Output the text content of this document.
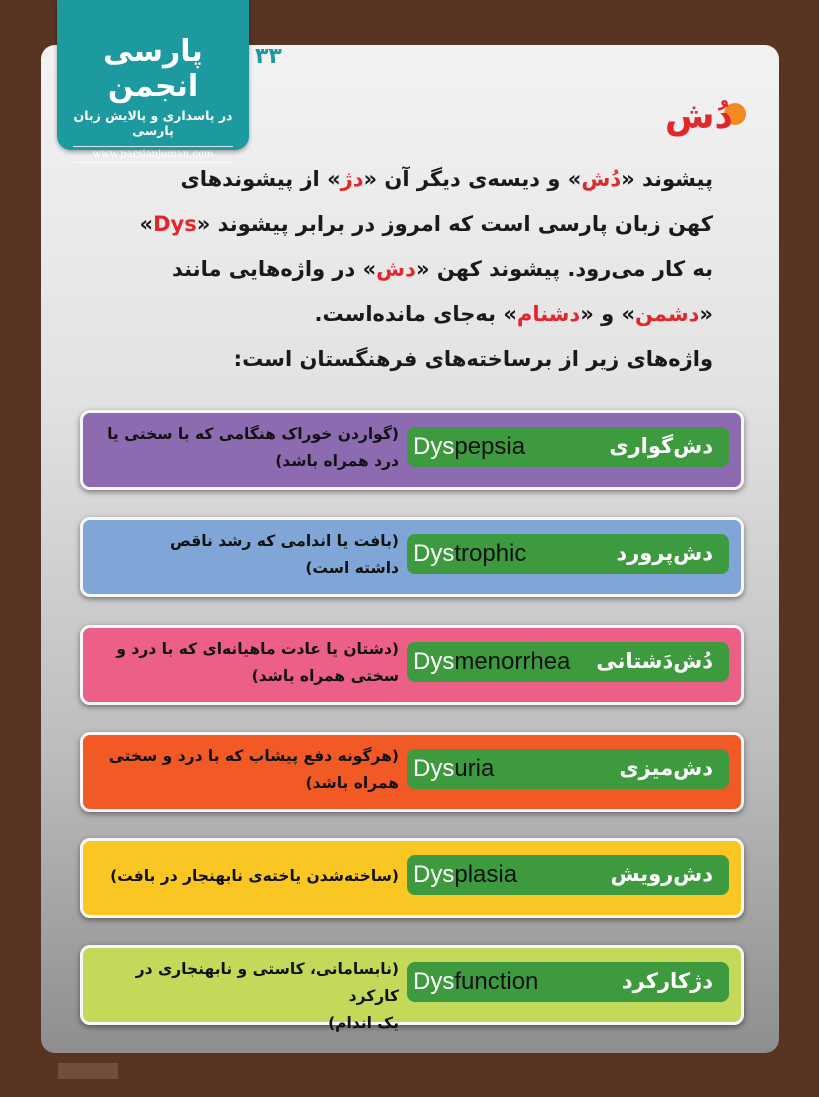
پارسی انجمن
در پاسداری و پالایش زبان پارسی
www.parsianjoman.com
۳۳
دُش
پیشوند «دُش» و دیسه‌ی دیگر آن «دژ» از پیشوندهای
کهن زبان پارسی است که امروز در برابر پیشوند «Dys»
به کار می‌رود. پیشوند کهن «دش» در واژه‌هایی مانند
«دشمن» و «دشنام» به‌جای مانده‌است.
واژه‌های زیر از برساخته‌های فرهنگستان است:
دش‌گواری
Dyspepsia
(گواردن خوراک هنگامی که با سختی یا
درد همراه باشد)
دش‌پرورد
Dystrophic
(بافت یا اندامی که رشد ناقص
داشته است)
دُش‌دَشتانی
Dysmenorrhea
(دشتان یا عادت ماهیانه‌ای که با درد و
سختی همراه باشد)
دش‌میزی
Dysuria
(هرگونه دفع پیشاب که با درد و سختی
همراه باشد)
دش‌رویش
Dysplasia
(ساخته‌شدن یاخته‌ی نابهنجار در بافت)
دژکارکرد
Dysfunction
(نابسامانی، کاستی و نابهنجاری در کارکرد
یک اندام)
